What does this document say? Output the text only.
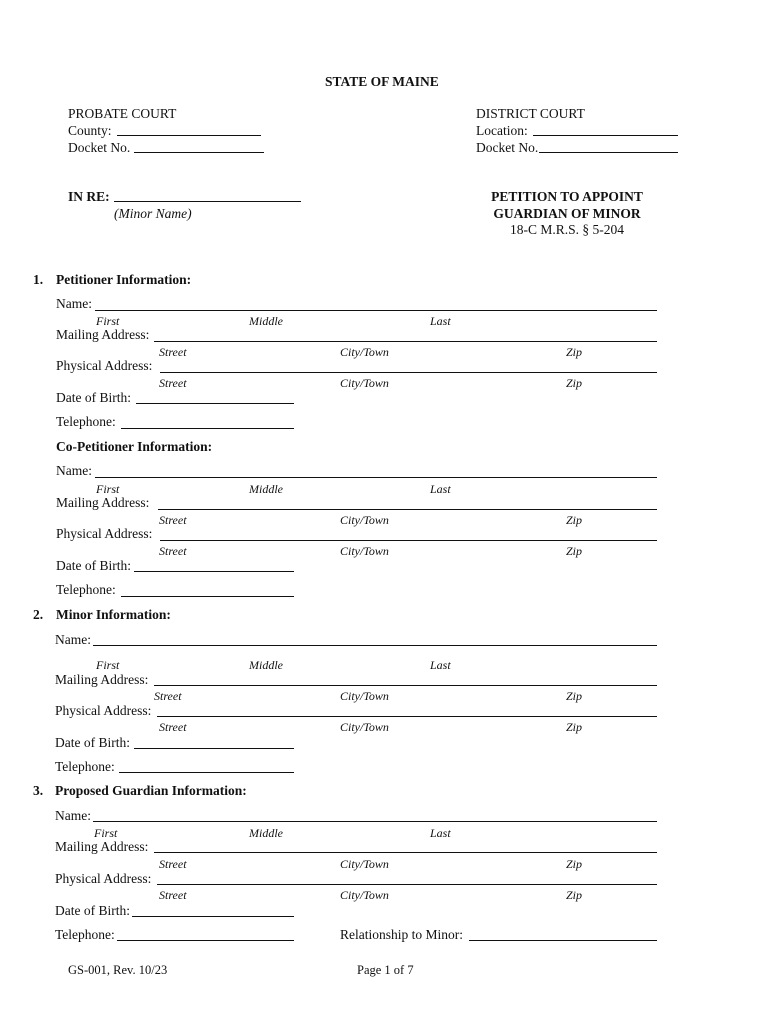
STATE OF MAINE
PROBATE COURT
County:
Docket No.
DISTRICT COURT
Location:
Docket No.
IN RE:
(Minor Name)
PETITION TO APPOINT
GUARDIAN OF MINOR
18-C M.R.S. § 5-204
1. Petitioner Information:
Name:
First	Middle	Last
Mailing Address:
Street	City/Town	Zip
Physical Address:
Street	City/Town	Zip
Date of Birth:
Telephone:
Co-Petitioner Information:
Name:
First	Middle	Last
Mailing Address:
Street	City/Town	Zip
Physical Address:
Street	City/Town	Zip
Date of Birth:
Telephone:
2. Minor Information:
Name:
First	Middle	Last
Mailing Address:
Street	City/Town	Zip
Physical Address:
Street	City/Town	Zip
Date of Birth:
Telephone:
3. Proposed Guardian Information:
Name:
First	Middle	Last
Mailing Address:
Street	City/Town	Zip
Physical Address:
Street	City/Town	Zip
Date of Birth:
Telephone:	Relationship to Minor:
GS-001, Rev. 10/23	Page 1 of 7
